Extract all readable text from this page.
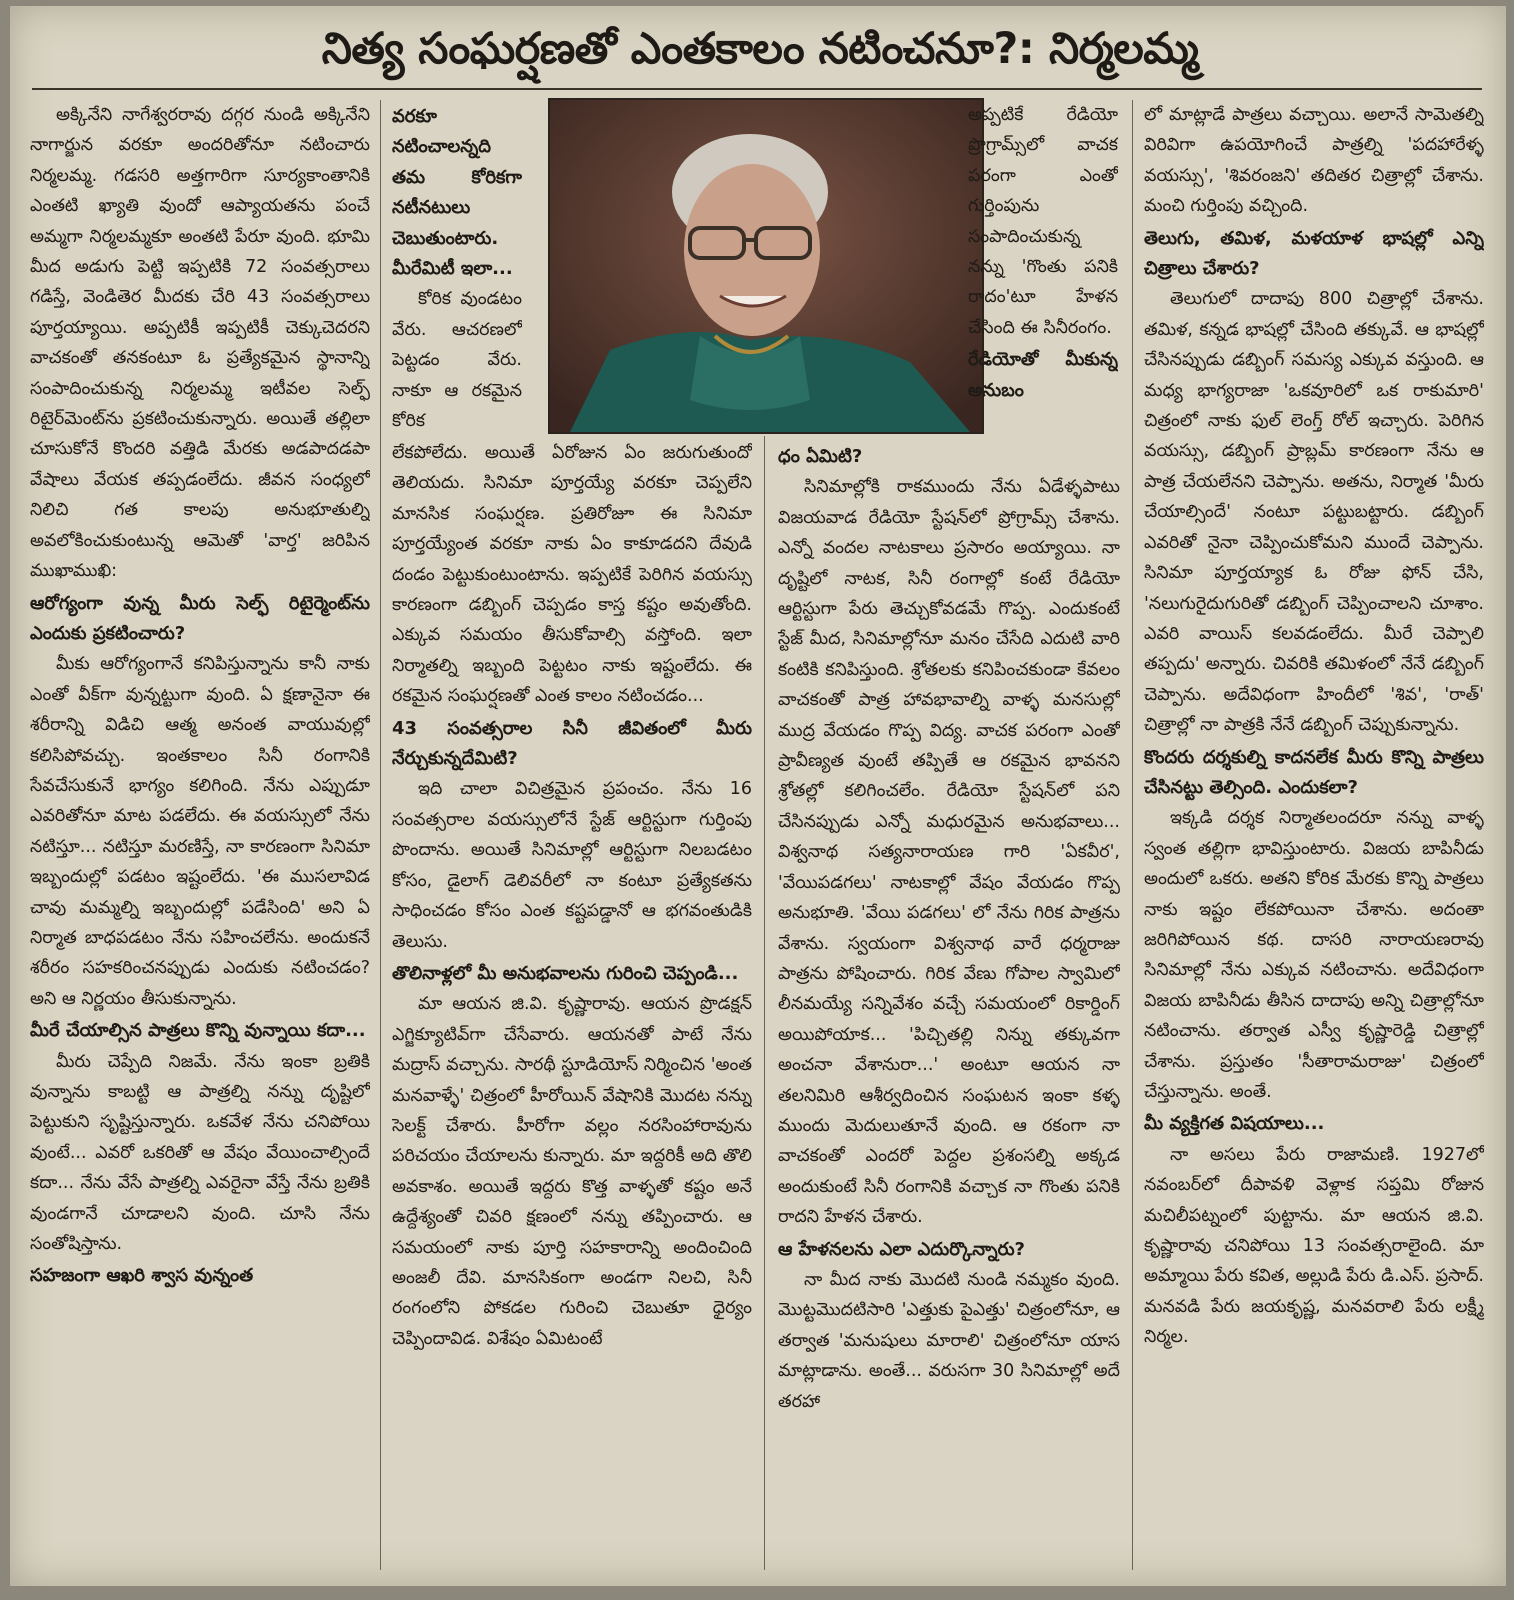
నిత్య సంఘర్షణతో ఎంతకాలం నటించనూ?: నిర్మలమ్మ

అక్కినేని నాగేశ్వరరావు దగ్గర నుండి అక్కినేని నాగార్జున వరకూ అందరితోనూ నటించారు నిర్మలమ్మ. గడసరి అత్తగారిగా సూర్యకాంతానికి ఎంతటి ఖ్యాతి వుందో ఆప్యాయతను పంచే అమ్మగా నిర్మలమ్మకూ అంతటి పేరూ వుంది. భూమి మీద అడుగు పెట్టి ఇప్పటికి 72 సంవత్సరాలు గడిస్తే, వెండితెర మీదకు చేరి 43 సంవత్సరాలు పూర్తయ్యాయి. అప్పటికీ ఇప్పటికీ చెక్కుచెదరని వాచకంతో తనకంటూ ఓ ప్రత్యేకమైన స్థానాన్ని సంపాదించుకున్న నిర్మలమ్మ ఇటీవల సెల్ఫ్ రిటైర్‌మెంట్‌ను ప్రకటించుకున్నారు. అయితే తల్లిలా చూసుకోనే కొందరి వత్తిడి మేరకు అడపాదడపా వేషాలు వేయక తప్పడంలేదు. జీవన సంధ్యలో నిలిచి గత కాలపు అనుభూతుల్ని అవలోకించుకుంటున్న ఆమెతో 'వార్త' జరిపిన ముఖాముఖి:

ఆరోగ్యంగా వున్న మీరు సెల్ఫ్ రిటైర్మెంట్‌ను ఎందుకు ప్రకటించారు?

మీకు ఆరోగ్యంగానే కనిపిస్తున్నాను కానీ నాకు ఎంతో వీక్‌గా వున్నట్టుగా వుంది. ఏ క్షణానైనా ఈ శరీరాన్ని విడిచి ఆత్మ అనంత వాయువుల్లో కలిసిపోవచ్చు. ఇంతకాలం సినీ రంగానికి సేవచేసుకునే భాగ్యం కలిగింది. నేను ఎప్పుడూ ఎవరితోనూ మాట పడలేదు. ఈ వయస్సులో నేను నటిస్తూ... నటిస్తూ మరణిస్తే, నా కారణంగా సినిమా ఇబ్బందుల్లో పడటం ఇష్టంలేదు. 'ఈ ముసలావిడ చావు మమ్మల్ని ఇబ్బందుల్లో పడేసింది' అని ఏ నిర్మాత బాధపడటం నేను సహించలేను. అందుకనే శరీరం సహకరించనప్పుడు ఎందుకు నటించడం? అని ఆ నిర్ణయం తీసుకున్నాను.

మీరే చేయాల్సిన పాత్రలు కొన్ని వున్నాయి కదా...

మీరు చెప్పేది నిజమే. నేను ఇంకా బ్రతికి వున్నాను కాబట్టి ఆ పాత్రల్ని నన్ను దృష్టిలో పెట్టుకుని సృష్టిస్తున్నారు. ఒకవేళ నేను చనిపోయి వుంటే... ఎవరో ఒకరితో ఆ వేషం వేయించాల్సిందే కదా... నేను వేసే పాత్రల్ని ఎవరైనా వేస్తే నేను బ్రతికి వుండగానే చూడాలని వుంది. చూసి నేను సంతోషిస్తాను.

సహజంగా ఆఖరి శ్వాస వున్నంత
వరకూ నటించాలన్నది తమ కోరికగా నటీనటులు చెబుతుంటారు. మీరేమిటీ ఇలా...

కోరిక వుండటం వేరు. ఆచరణలో పెట్టడం వేరు. నాకూ ఆ రకమైన కోరిక

అప్పటికే రేడియో ప్రొగ్రామ్స్‌లో వాచక పరంగా ఎంతో గుర్తింపును సంపాదించుకున్న నన్ను 'గొంతు పనికి రాదం'టూ హేళన చేసింది ఈ సినీరంగం.

రేడియోతో మీకున్న అనుబం

లేకపోలేదు. అయితే ఏరోజున ఏం జరుగుతుందో తెలియదు. సినిమా పూర్తయ్యే వరకూ చెప్పలేని మానసిక సంఘర్షణ. ప్రతిరోజూ ఈ సినిమా పూర్తయ్యేంత వరకూ నాకు ఏం కాకూడదని దేవుడి దండం పెట్టుకుంటుంటాను. ఇప్పటికే పెరిగిన వయస్సు కారణంగా డబ్బింగ్ చెప్పడం కాస్త కష్టం అవుతోంది. ఎక్కువ సమయం తీసుకోవాల్సి వస్తోంది. ఇలా నిర్మాతల్ని ఇబ్బంది పెట్టటం నాకు ఇష్టంలేదు. ఈ రకమైన సంఘర్షణతో ఎంత కాలం నటించడం...

43 సంవత్సరాల సినీ జీవితంలో మీరు నేర్చుకున్నదేమిటి?

ఇది చాలా విచిత్రమైన ప్రపంచం. నేను 16 సంవత్సరాల వయస్సులోనే స్టేజ్ ఆర్టిస్టుగా గుర్తింపు పొందాను. అయితే సినిమాల్లో ఆర్టిస్టుగా నిలబడటం కోసం, డైలాగ్ డెలివరీలో నా కంటూ ప్రత్యేకతను సాధించడం కోసం ఎంత కష్టపడ్డానో ఆ భగవంతుడికి తెలుసు.

తొలినాళ్లలో మీ అనుభవాలను గురించి చెప్పండి...

మా ఆయన జి.వి. కృష్ణారావు. ఆయన ప్రొడక్షన్ ఎగ్జిక్యూటివ్‌గా చేసేవారు. ఆయనతో పాటే నేను మద్రాస్ వచ్చాను. సారథీ స్టూడియోస్ నిర్మించిన 'అంత మనవాళ్ళే' చిత్రంలో హీరోయిన్ వేషానికి మొదట నన్ను సెలక్ట్ చేశారు. హీరోగా వల్లం నరసింహారావును పరిచయం చేయాలను కున్నారు. మా ఇద్దరికీ అది తొలి అవకాశం. అయితే ఇద్దరు కొత్త వాళ్ళతో కష్టం అనే ఉద్దేశ్యంతో చివరి క్షణంలో నన్ను తప్పించారు. ఆ సమయంలో నాకు పూర్తి సహకారాన్ని అందించింది అంజలీ దేవి. మానసికంగా అండగా నిలచి, సినీ రంగంలోని పోకడల గురించి చెబుతూ ధైర్యం చెప్పిందావిడ. విశేషం ఏమిటంటే

ధం ఏమిటి?

సినిమాల్లోకి రాకముందు నేను ఏడేళ్ళపాటు విజయవాడ రేడియో స్టేషన్‌లో ప్రోగ్రామ్స్ చేశాను. ఎన్నో వందల నాటకాలు ప్రసారం అయ్యాయి. నా దృష్టిలో నాటక, సినీ రంగాల్లో కంటే రేడియో ఆర్టిస్టుగా పేరు తెచ్చుకోవడమే గొప్ప. ఎందుకంటే స్టేజ్ మీద, సినిమాల్లోనూ మనం చేసేది ఎదుటి వారి కంటికి కనిపిస్తుంది. శ్రోతలకు కనిపించకుండా కేవలం వాచకంతో పాత్ర హావభావాల్ని వాళ్ళ మనసుల్లో ముద్ర వేయడం గొప్ప విద్య. వాచక పరంగా ఎంతో ప్రావీణ్యత వుంటే తప్పితే ఆ రకమైన భావనని శ్రోతల్లో కలిగించలేం. రేడియో స్టేషన్‌లో పని చేసినప్పుడు ఎన్నో మధురమైన అనుభవాలు... విశ్వనాథ సత్యనారాయణ గారి 'ఏకవీర', 'వేయిపడగలు' నాటకాల్లో వేషం వేయడం గొప్ప అనుభూతి. 'వేయి పడగలు' లో నేను గిరిక పాత్రను వేశాను. స్వయంగా విశ్వనాథ వారే ధర్మరాజు పాత్రను పోషించారు. గిరిక వేణు గోపాల స్వామిలో లీనమయ్యే సన్నివేశం వచ్చే సమయంలో రికార్డింగ్ అయిపోయాక... 'పిచ్చితల్లి నిన్ను తక్కువగా అంచనా వేశానురా...' అంటూ ఆయన నా తలనిమిరి ఆశీర్వదించిన సంఘటన ఇంకా కళ్ళ ముందు మెదులుతూనే వుంది. ఆ రకంగా నా వాచకంతో ఎందరో పెద్దల ప్రశంసల్ని అక్కడ అందుకుంటే సినీ రంగానికి వచ్చాక నా గొంతు పనికి రాదని హేళన చేశారు.

ఆ హేళనలను ఎలా ఎదుర్కొన్నారు?

నా మీద నాకు మొదటి నుండి నమ్మకం వుంది. మొట్టమొదటిసారి 'ఎత్తుకు పైఎత్తు' చిత్రంలోనూ, ఆ తర్వాత 'మనుషులు మారాలి' చిత్రంలోనూ యాస మాట్లాడాను. అంతే... వరుసగా 30 సినిమాల్లో అదే తరహా

లో మాట్లాడే పాత్రలు వచ్చాయి. అలానే సామెతల్ని విరివిగా ఉపయోగించే పాత్రల్ని 'పదహారేళ్ళ వయస్సు', 'శివరంజని' తదితర చిత్రాల్లో చేశాను. మంచి గుర్తింపు వచ్చింది.

తెలుగు, తమిళ, మళయాళ భాషల్లో ఎన్ని చిత్రాలు చేశారు?

తెలుగులో దాదాపు 800 చిత్రాల్లో చేశాను. తమిళ, కన్నడ భాషల్లో చేసింది తక్కువే. ఆ భాషల్లో చేసినప్పుడు డబ్బింగ్ సమస్య ఎక్కువ వస్తుంది. ఆ మధ్య భాగ్యరాజా 'ఒకవూరిలో ఒక రాకుమారి' చిత్రంలో నాకు ఫుల్ లెంగ్త్ రోల్ ఇచ్చారు. పెరిగిన వయస్సు, డబ్బింగ్ ప్రాబ్లమ్ కారణంగా నేను ఆ పాత్ర చేయలేనని చెప్పాను. అతను, నిర్మాత 'మీరు చేయాల్సిందే' నంటూ పట్టుబట్టారు. డబ్బింగ్ ఎవరితో నైనా చెప్పించుకోమని ముందే చెప్పాను. సినిమా పూర్తయ్యాక ఓ రోజు ఫోన్ చేసి, 'నలుగురైదుగురితో డబ్బింగ్ చెప్పించాలని చూశాం. ఎవరి వాయిస్ కలవడంలేదు. మీరే చెప్పాలి తప్పదు' అన్నారు. చివరికి తమిళంలో నేనే డబ్బింగ్ చెప్పాను. అదేవిధంగా హిందీలో 'శివ', 'రాత్' చిత్రాల్లో నా పాత్రకి నేనే డబ్బింగ్ చెప్పుకున్నాను.

కొందరు దర్శకుల్ని కాదనలేక మీరు కొన్ని పాత్రలు చేసినట్టు తెల్సింది. ఎందుకలా?

ఇక్కడి దర్శక నిర్మాతలందరూ నన్ను వాళ్ళ స్వంత తల్లిగా భావిస్తుంటారు. విజయ బాపినీడు అందులో ఒకరు. అతని కోరిక మేరకు కొన్ని పాత్రలు నాకు ఇష్టం లేకపోయినా చేశాను. అదంతా జరిగిపోయిన కథ. దాసరి నారాయణరావు సినిమాల్లో నేను ఎక్కువ నటించాను. అదేవిధంగా విజయ బాపినీడు తీసిన దాదాపు అన్ని చిత్రాల్లోనూ నటించాను. తర్వాత ఎస్వీ కృష్ణారెడ్డి చిత్రాల్లో చేశాను. ప్రస్తుతం 'సీతారామరాజు' చిత్రంలో చేస్తున్నాను. అంతే.

మీ వ్యక్తిగత విషయాలు...

నా అసలు పేరు రాజామణి. 1927లో నవంబర్‌లో దీపావళి వెళ్లాక సప్తమి రోజున మచిలీపట్నంలో పుట్టాను. మా ఆయన జి.వి. కృష్ణారావు చనిపోయి 13 సంవత్సరాలైంది. మా అమ్మాయి పేరు కవిత, అల్లుడి పేరు డి.ఎస్. ప్రసాద్. మనవడి పేరు జయకృష్ణ, మనవరాలి పేరు లక్ష్మీ నిర్మల.
